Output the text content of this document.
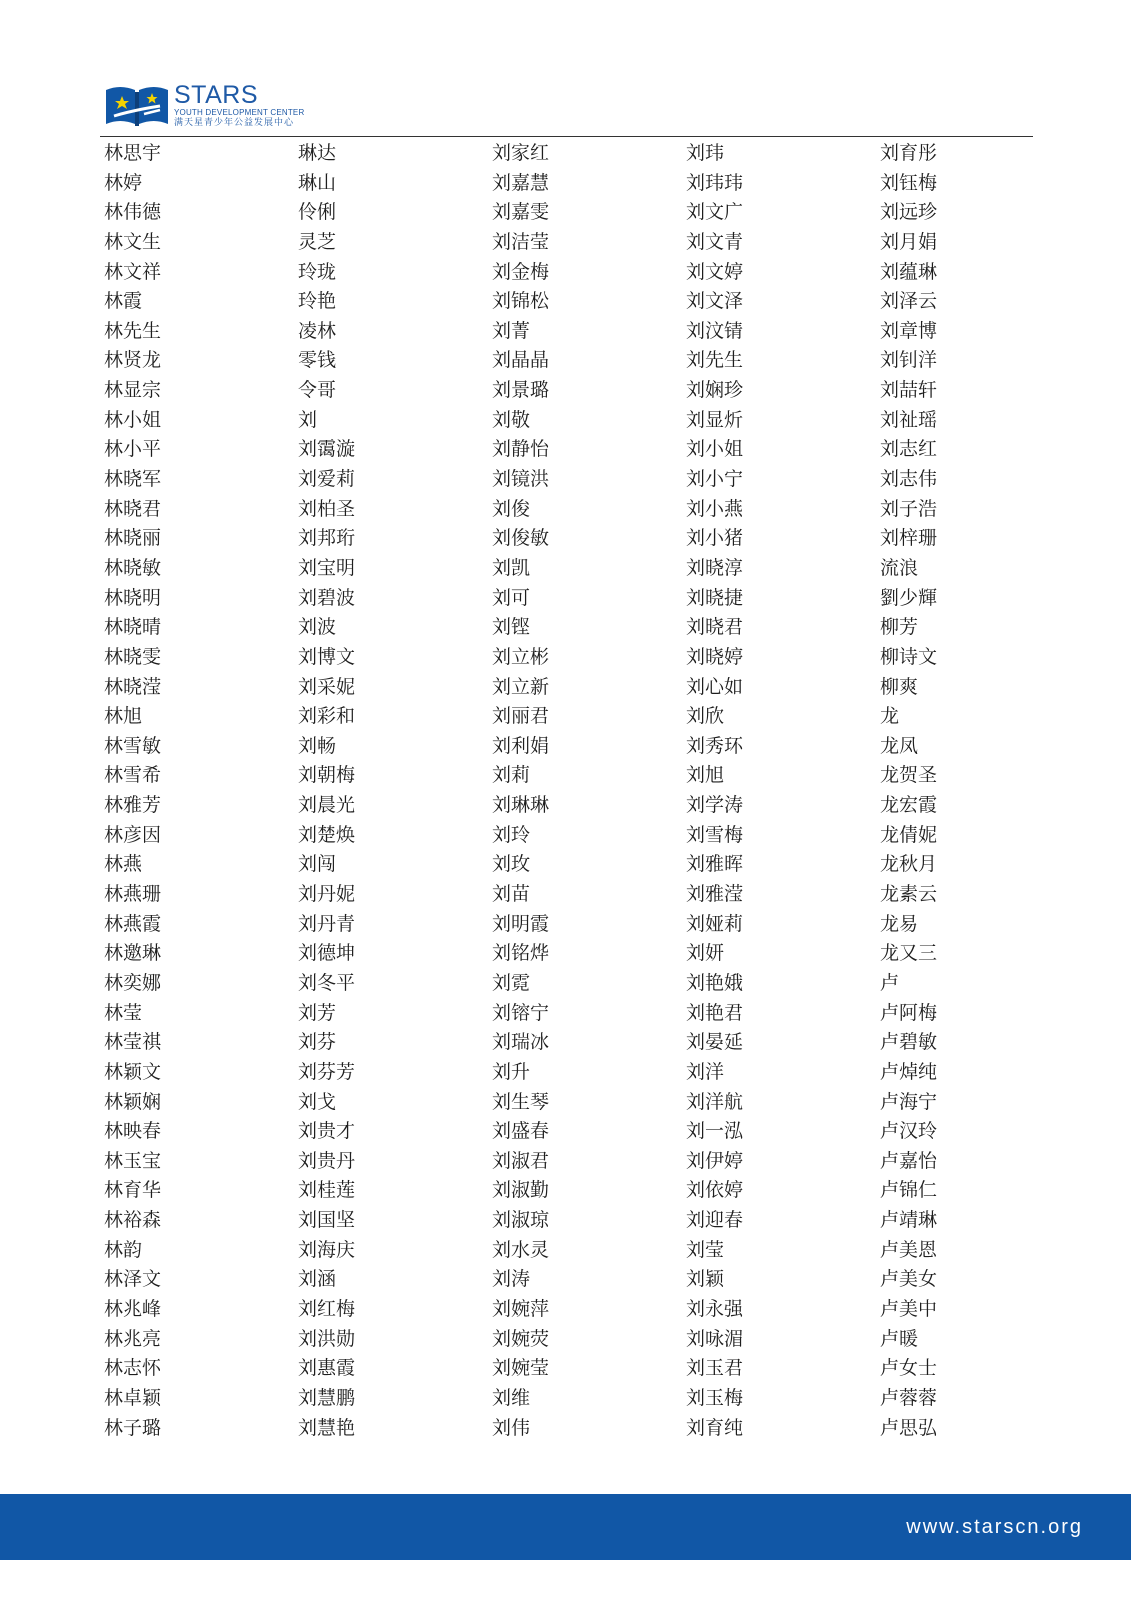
STARS
YOUTH DEVELOPMENT CENTER
满天星青少年公益发展中心
林思宇
林婷
林伟德
林文生
林文祥
林霞
林先生
林贤龙
林显宗
林小姐
林小平
林晓军
林晓君
林晓丽
林晓敏
林晓明
林晓晴
林晓雯
林晓滢
林旭
林雪敏
林雪希
林雅芳
林彦因
林燕
林燕珊
林燕霞
林邀琳
林奕娜
林莹
林莹祺
林颖文
林颖娴
林映春
林玉宝
林育华
林裕森
林韵
林泽文
林兆峰
林兆亮
林志怀
林卓颖
林子璐
琳达
琳山
伶俐
灵芝
玲珑
玲艳
凌林
零钱
令哥
刘
刘霭漩
刘爱莉
刘柏圣
刘邦珩
刘宝明
刘碧波
刘波
刘博文
刘采妮
刘彩和
刘畅
刘朝梅
刘晨光
刘楚焕
刘闯
刘丹妮
刘丹青
刘德坤
刘冬平
刘芳
刘芬
刘芬芳
刘戈
刘贵才
刘贵丹
刘桂莲
刘国坚
刘海庆
刘涵
刘红梅
刘洪勋
刘惠霞
刘慧鹏
刘慧艳
刘家红
刘嘉慧
刘嘉雯
刘洁莹
刘金梅
刘锦松
刘菁
刘晶晶
刘景璐
刘敬
刘静怡
刘镜洪
刘俊
刘俊敏
刘凯
刘可
刘铿
刘立彬
刘立新
刘丽君
刘利娟
刘莉
刘琳琳
刘玲
刘玫
刘苗
刘明霞
刘铭烨
刘霓
刘镕宁
刘瑞冰
刘升
刘生琴
刘盛春
刘淑君
刘淑勤
刘淑琼
刘水灵
刘涛
刘婉萍
刘婉荧
刘婉莹
刘维
刘伟
刘玮
刘玮玮
刘文广
刘文青
刘文婷
刘文泽
刘汶锖
刘先生
刘娴珍
刘显炘
刘小姐
刘小宁
刘小燕
刘小猪
刘晓淳
刘晓捷
刘晓君
刘晓婷
刘心如
刘欣
刘秀环
刘旭
刘学涛
刘雪梅
刘雅晖
刘雅滢
刘娅莉
刘妍
刘艳娥
刘艳君
刘晏延
刘洋
刘洋航
刘一泓
刘伊婷
刘依婷
刘迎春
刘莹
刘颖
刘永强
刘咏湄
刘玉君
刘玉梅
刘育纯
刘育彤
刘钰梅
刘远珍
刘月娟
刘蕴琳
刘泽云
刘章博
刘钊洋
刘喆轩
刘祉瑶
刘志红
刘志伟
刘子浩
刘梓珊
流浪
劉少輝
柳芳
柳诗文
柳爽
龙
龙凤
龙贺圣
龙宏霞
龙倩妮
龙秋月
龙素云
龙易
龙又三
卢
卢阿梅
卢碧敏
卢焯纯
卢海宁
卢汉玲
卢嘉怡
卢锦仁
卢靖琳
卢美恩
卢美女
卢美中
卢暖
卢女士
卢蓉蓉
卢思弘
www.starscn.org
